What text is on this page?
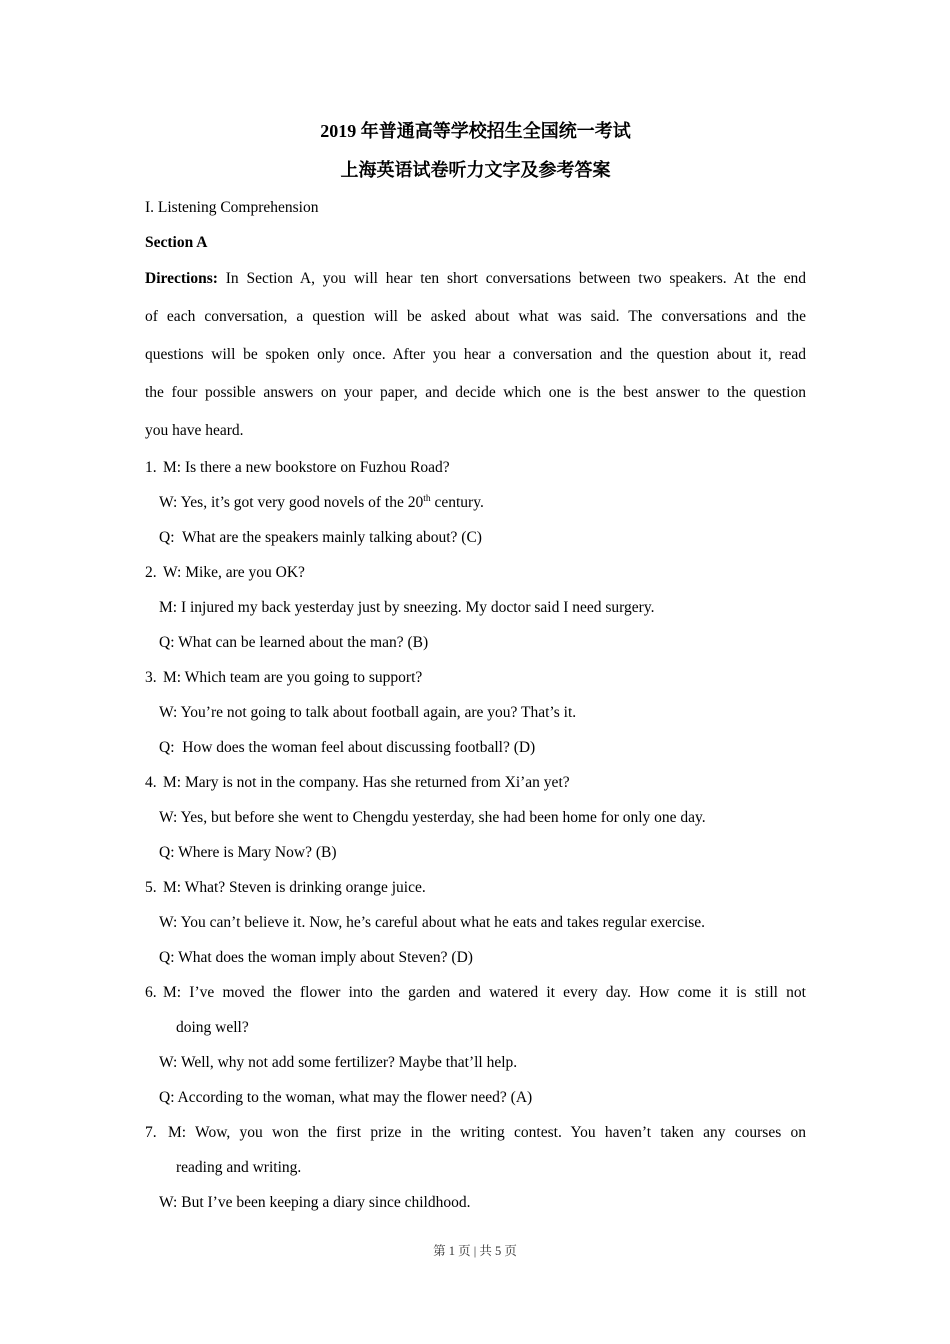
2019 年普通高等学校招生全国统一考试
上海英语试卷听力文字及参考答案

I. Listening Comprehension

Section A

Directions: In Section A, you will hear ten short conversations between two speakers. At the end

of each conversation, a question will be asked about what was said. The conversations and the

questions will be spoken only once. After you hear a conversation and the question about it, read

the four possible answers on your paper, and decide which one is the best answer to the question

you have heard.

1. M: Is there a new bookstore on Fuzhou Road?

W: Yes, it’s got very good novels of the 20th century.

Q:  What are the speakers mainly talking about? (C)

2. W: Mike, are you OK?

M: I injured my back yesterday just by sneezing. My doctor said I need surgery.

Q: What can be learned about the man? (B)

3. M: Which team are you going to support?

W: You’re not going to talk about football again, are you? That’s it.

Q:  How does the woman feel about discussing football? (D)

4. M: Mary is not in the company. Has she returned from Xi’an yet?

W: Yes, but before she went to Chengdu yesterday, she had been home for only one day.

Q: Where is Mary Now? (B)

5. M: What? Steven is drinking orange juice.

W: You can’t believe it. Now, he’s careful about what he eats and takes regular exercise.

Q: What does the woman imply about Steven? (D)

6. M: I’ve moved the flower into the garden and watered it every day. How come it is still not

doing well?

W: Well, why not add some fertilizer? Maybe that’ll help.

Q: According to the woman, what may the flower need? (A)

7. M: Wow, you won the first prize in the writing contest. You haven’t taken any courses on

reading and writing.

W: But I’ve been keeping a diary since childhood.

第 1 页 | 共 5 页
